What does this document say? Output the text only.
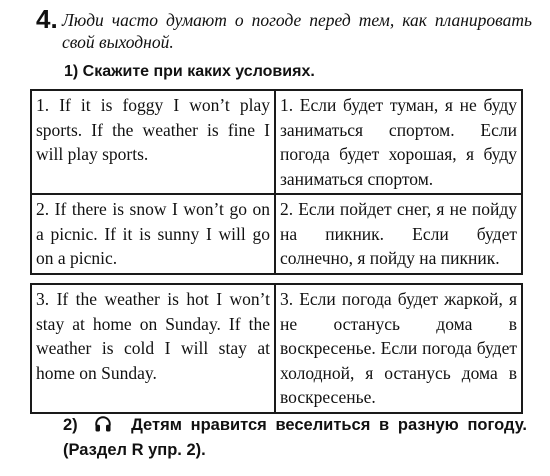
4. Люди часто думают о погоде перед тем, как планировать свой выходной.
1) Скажите при каких условиях.
1. If it is foggy I won’t play sports. If the weather is fine I will play sports.	1. Если будет туман, я не буду заниматься спортом. Если погода будет хорошая, я буду заниматься спортом.
2. If there is snow I won’t go on a picnic. If it is sunny I will go on a picnic.	2. Если пойдет снег, я не пойду на пикник. Если будет солнечно, я пойду на пикник.
3. If the weather is hot I won’t stay at home on Sunday. If the weather is cold I will stay at home on Sunday.	3. Если погода будет жаркой, я не останусь дома в воскресенье. Если погода будет холодной, я останусь дома в воскресенье.
2)	Детям нравится веселиться в разную погоду. (Раздел R упр. 2).
